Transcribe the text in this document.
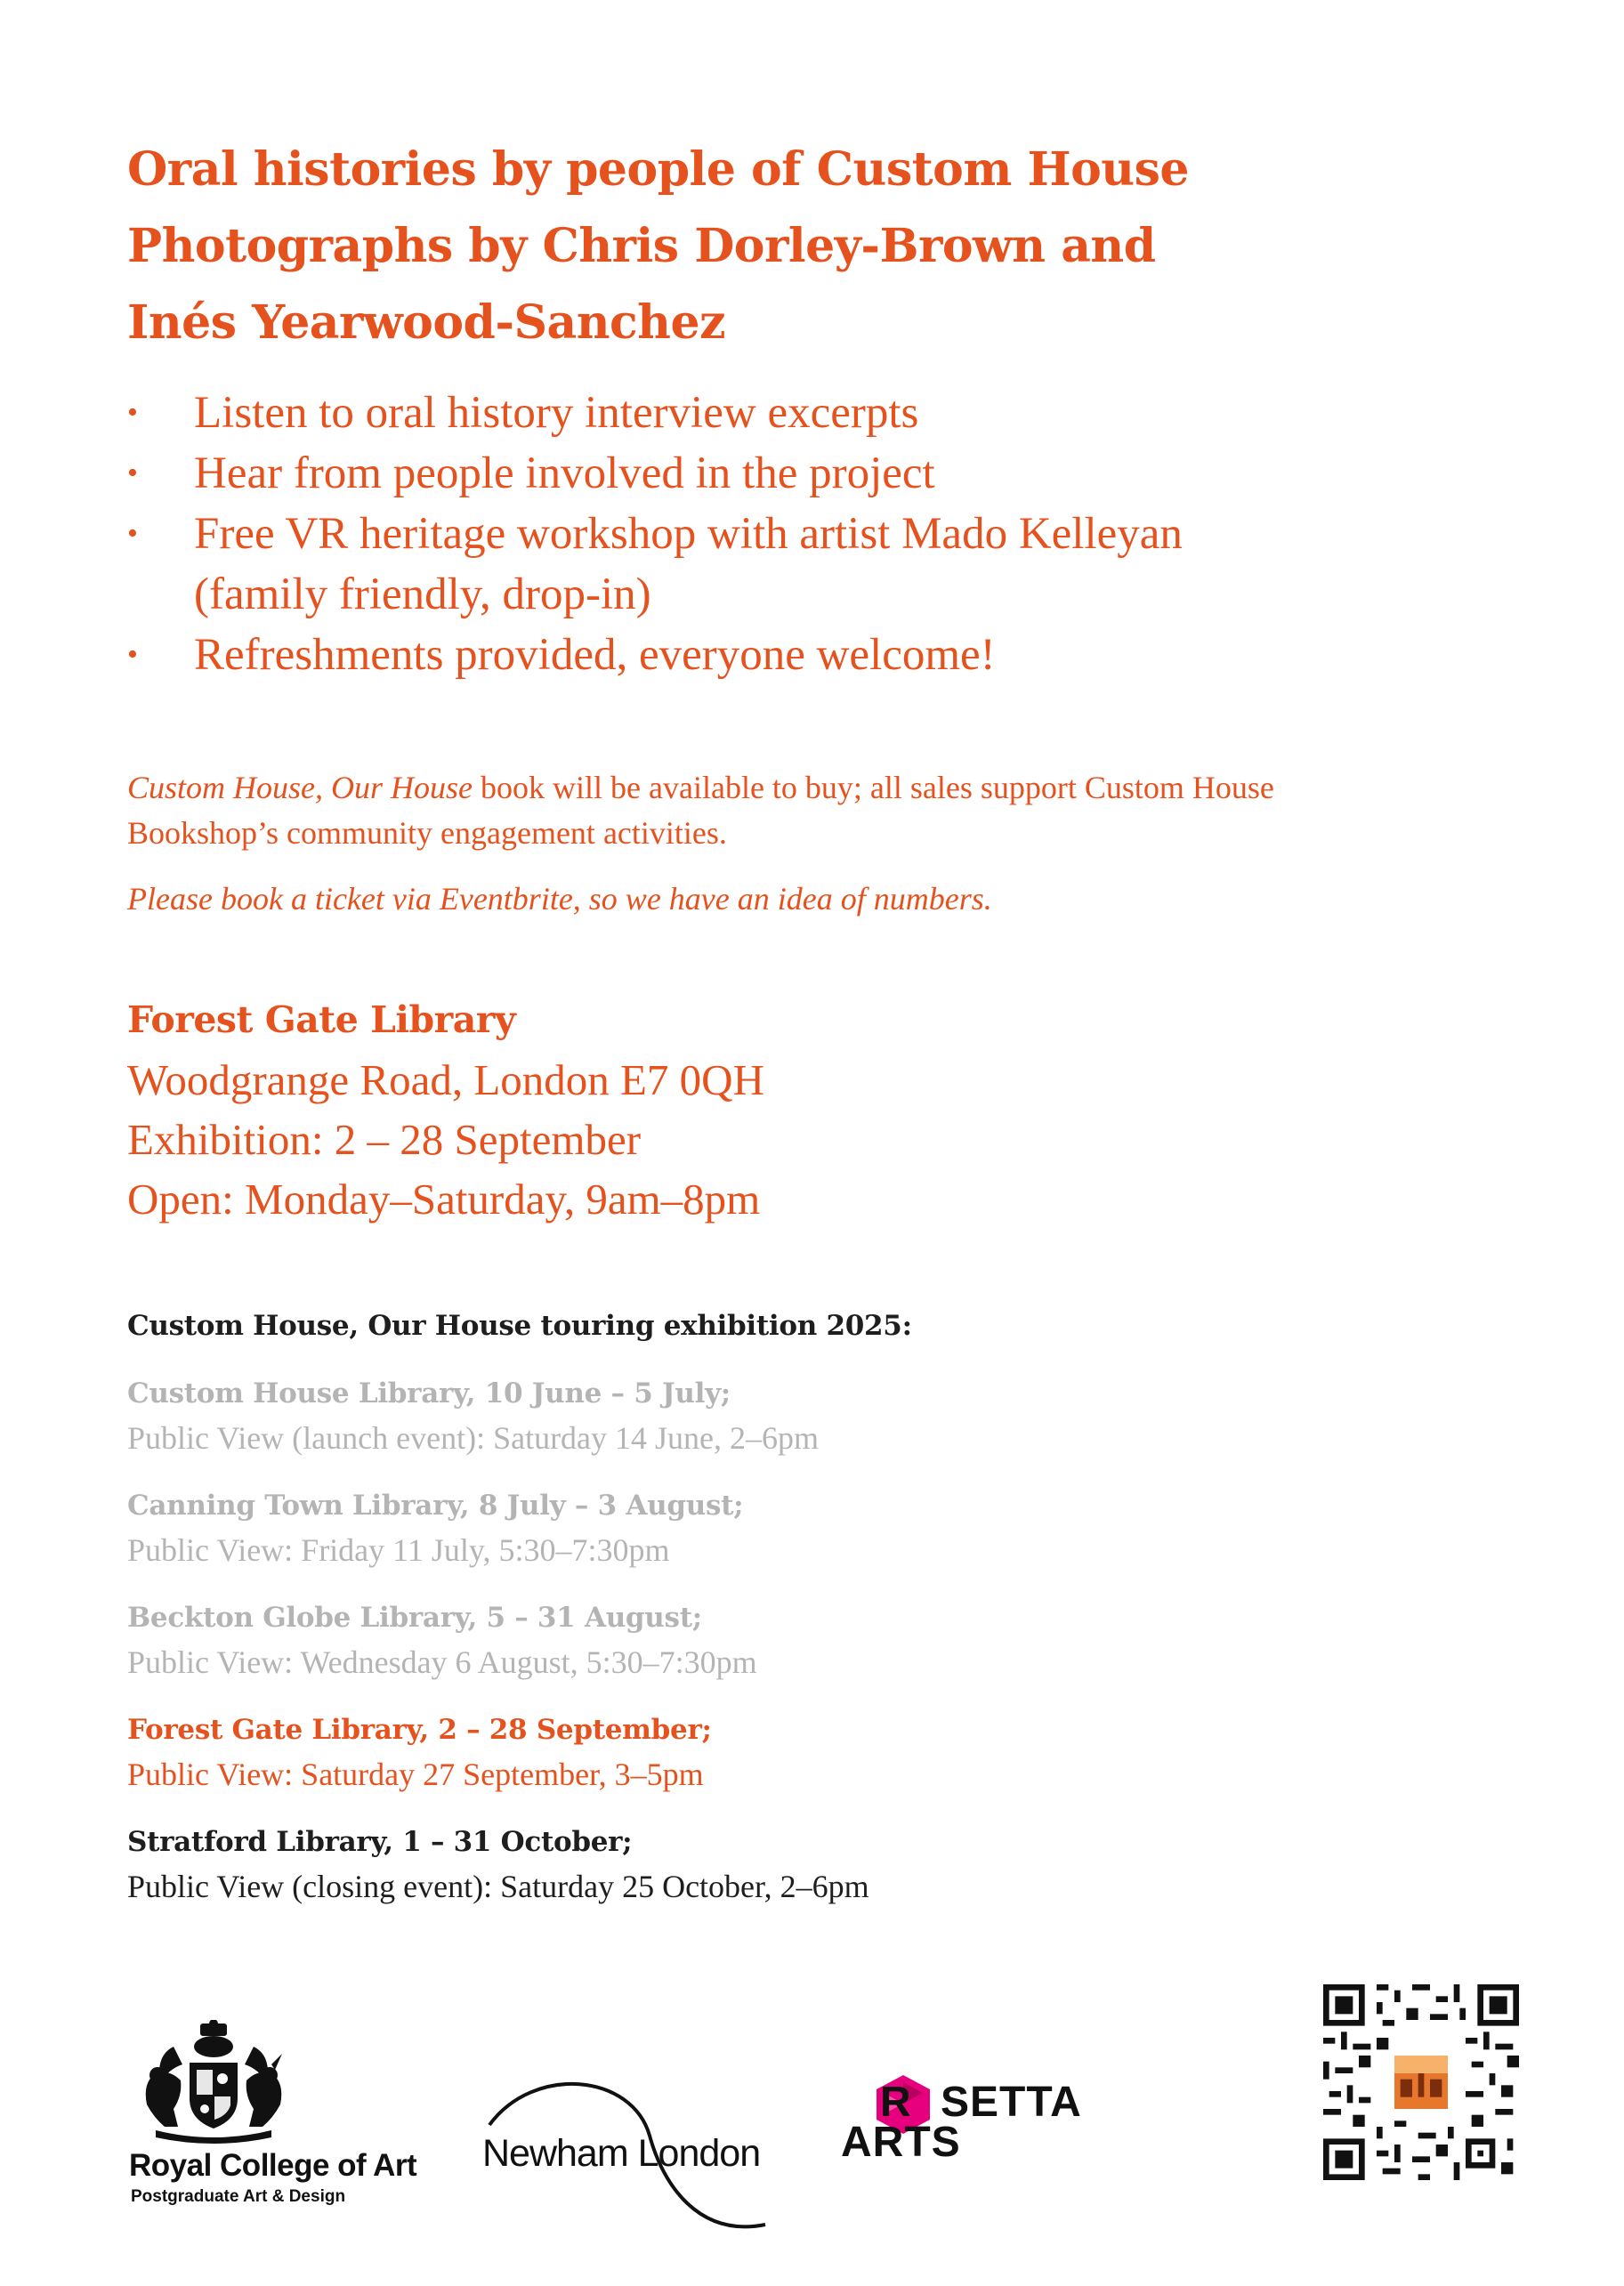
Oral histories by people of Custom House
Photographs by Chris Dorley-Brown and
Inés Yearwood-Sanchez
•	Listen to oral history interview excerpts
•	Hear from people involved in the project
•	Free VR heritage workshop with artist Mado Kelleyan
(family friendly, drop-in)
•	Refreshments provided, everyone welcome!
Custom House, Our House book will be available to buy; all sales support Custom House
Bookshop’s community engagement activities.
Please book a ticket via Eventbrite, so we have an idea of numbers.
Forest Gate Library
Woodgrange Road, London E7 0QH
Exhibition: 2 – 28 September
Open: Monday–Saturday, 9am–8pm
Custom House, Our House touring exhibition 2025:
Custom House Library, 10 June – 5 July;
Public View (launch event): Saturday 14 June, 2–6pm
Canning Town Library, 8 July – 3 August;
Public View: Friday 11 July, 5:30–7:30pm
Beckton Globe Library, 5 – 31 August;
Public View: Wednesday 6 August, 5:30–7:30pm
Forest Gate Library, 2 – 28 September;
Public View: Saturday 27 September, 3–5pm
Stratford Library, 1 – 31 October;
Public View (closing event): Saturday 25 October, 2–6pm
Royal College of Art
Postgraduate Art & Design
Newham London
R SETTA
ARTS
